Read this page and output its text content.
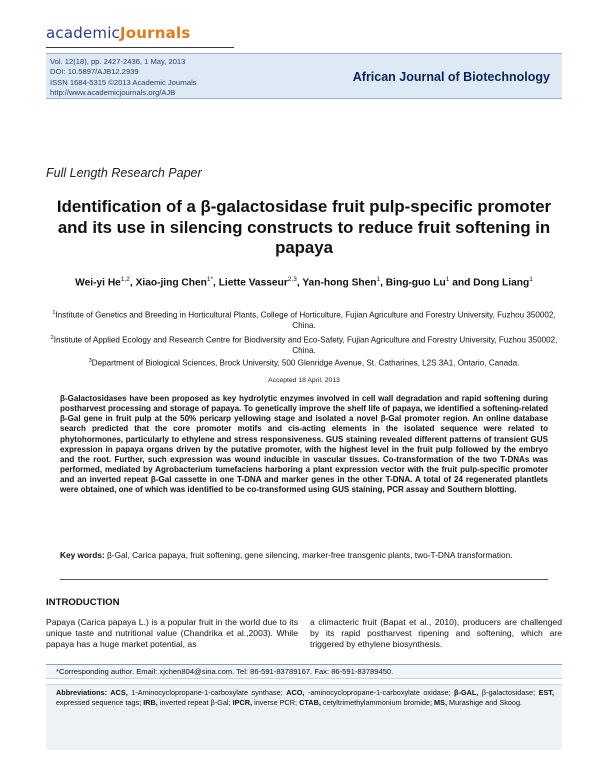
academicJournals
Vol. 12(18), pp. 2427-2436, 1 May, 2013
DOI: 10.5897/AJB12.2939
ISSN 1684-5315 ©2013 Academic Journals
http://www.academicjournals.org/AJB
African Journal of Biotechnology
Full Length Research Paper
Identification of a β-galactosidase fruit pulp-specific promoter and its use in silencing constructs to reduce fruit softening in papaya
Wei-yi He$^{1,2}$, Xiao-jing Chen$^{1*}$, Liette Vasseur$^{2,3}$, Yan-hong Shen$^1$, Bing-guo Lu$^1$ and Dong Liang$^1$
$^1$Institute of Genetics and Breeding in Horticultural Plants, College of Horticulture, Fujian Agriculture and Forestry University, Fuzhou 350002, China.
$^2$Institute of Applied Ecology and Research Centre for Biodiversity and Eco-Safety, Fujian Agriculture and Forestry University, Fuzhou 350002, China.
$^3$Department of Biological Sciences, Brock University, 500 Glenridge Avenue, St. Catharines, L2S 3A1, Ontario, Canada.
Accepted 18 April, 2013
β-Galactosidases have been proposed as key hydrolytic enzymes involved in cell wall degradation and rapid softening during postharvest processing and storage of papaya. To genetically improve the shelf life of papaya, we identified a softening-related β-Gal gene in fruit pulp at the 50% pericarp yellowing stage and isolated a novel β-Gal promoter region. An online database search predicted that the core promoter motifs and cis-acting elements in the isolated sequence were related to phytohormones, particularly to ethylene and stress responsiveness. GUS staining revealed different patterns of transient GUS expression in papaya organs driven by the putative promoter, with the highest level in the fruit pulp followed by the embryo and the root. Further, such expression was wound inducible in vascular tissues. Co-transformation of the two T-DNAs was performed, mediated by Agrobacterium tumefaciens harboring a plant expression vector with the fruit pulp-specific promoter and an inverted repeat β-Gal cassette in one T-DNA and marker genes in the other T-DNA. A total of 24 regenerated plantlets were obtained, one of which was identified to be co-transformed using GUS staining, PCR assay and Southern blotting.
Key words: β-Gal, Carica papaya, fruit softening, gene silencing, marker-free transgenic plants, two-T-DNA transformation.
INTRODUCTION
Papaya (Carica papaya L.) is a popular fruit in the world due to its unique taste and nutritional value (Chandrika et al.,2003). While papaya has a huge market potential, as
a climacteric fruit (Bapat et al., 2010), producers are challenged by its rapid postharvest ripening and softening, which are triggered by ethylene biosynthesis.
*Corresponding author. Email: xjchen804@sina.com. Tel: 86-591-83789167. Fax: 86-591-83789450.
Abbreviations: ACS, 1-Aminocyclopropane-1-carboxylate synthase; ACO, -aminocyclopropane-1-carboxylate oxidase; β-GAL, β-galactosidase; EST, expressed sequence tags; IRB, inverted repeat β-Gal; IPCR, inverse PCR; CTAB, cetyltrimethylammonium bromide; MS, Murashige and Skoog.
